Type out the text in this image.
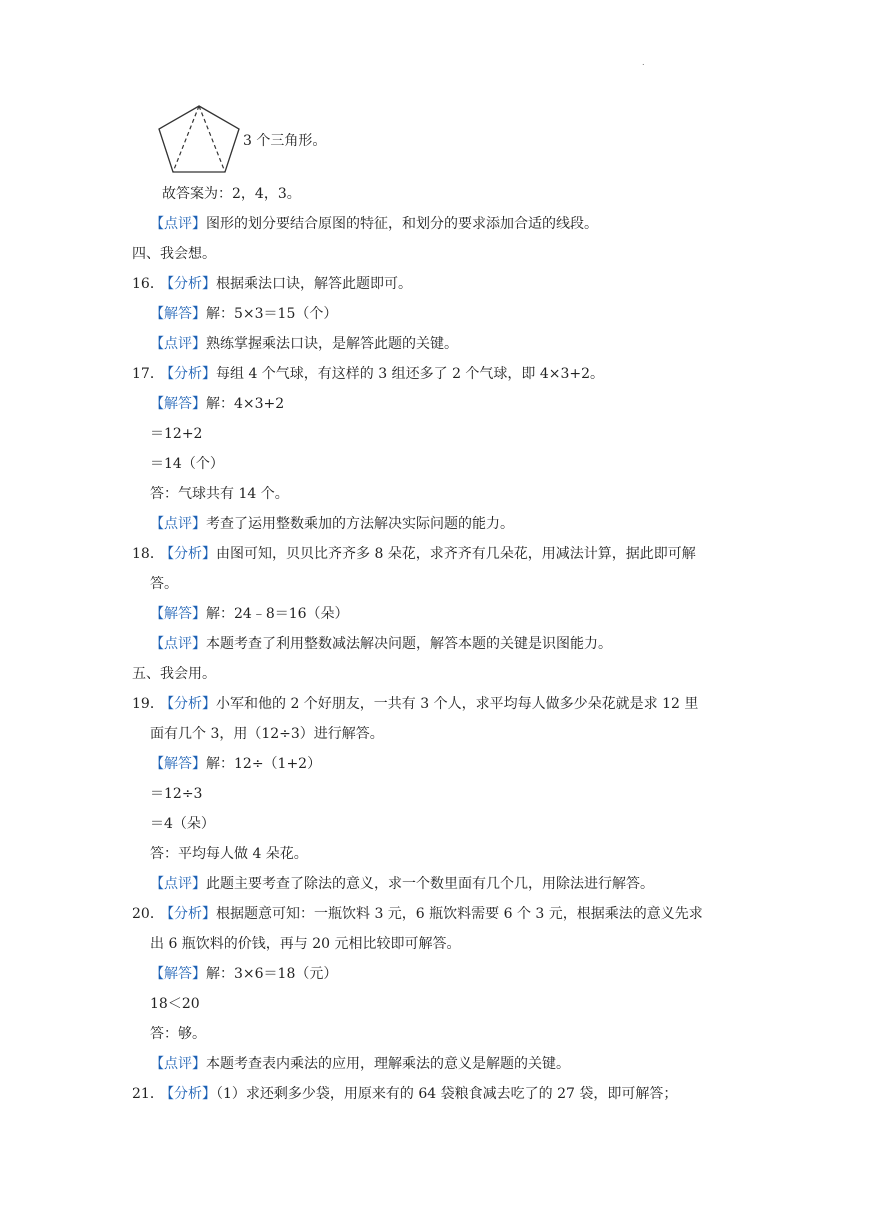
.
3 个三角形。
故答案为：2，4，3。
【点评】图形的划分要结合原图的特征，和划分的要求添加合适的线段。
四、我会想。
16．【分析】根据乘法口诀，解答此题即可。
【解答】解：5×3＝15（个）
【点评】熟练掌握乘法口诀，是解答此题的关键。
17．【分析】每组 4 个气球，有这样的 3 组还多了 2 个气球，即 4×3+2。
【解答】解：4×3+2
＝12+2
＝14（个）
答：气球共有 14 个。
【点评】考查了运用整数乘加的方法解决实际问题的能力。
18．【分析】由图可知，贝贝比齐齐多 8 朵花，求齐齐有几朵花，用减法计算，据此即可解
答。
【解答】解：24﹣8＝16（朵）
【点评】本题考查了利用整数减法解决问题，解答本题的关键是识图能力。
五、我会用。
19．【分析】小军和他的 2 个好朋友，一共有 3 个人，求平均每人做多少朵花就是求 12 里
面有几个 3，用（12÷3）进行解答。
【解答】解：12÷（1+2）
＝12÷3
＝4（朵）
答：平均每人做 4 朵花。
【点评】此题主要考查了除法的意义，求一个数里面有几个几，用除法进行解答。
20．【分析】根据题意可知：一瓶饮料 3 元，6 瓶饮料需要 6 个 3 元，根据乘法的意义先求
出 6 瓶饮料的价钱，再与 20 元相比较即可解答。
【解答】解：3×6＝18（元）
18＜20
答：够。
【点评】本题考查表内乘法的应用，理解乘法的意义是解题的关键。
21．【分析】（1）求还剩多少袋，用原来有的 64 袋粮食减去吃了的 27 袋，即可解答；
